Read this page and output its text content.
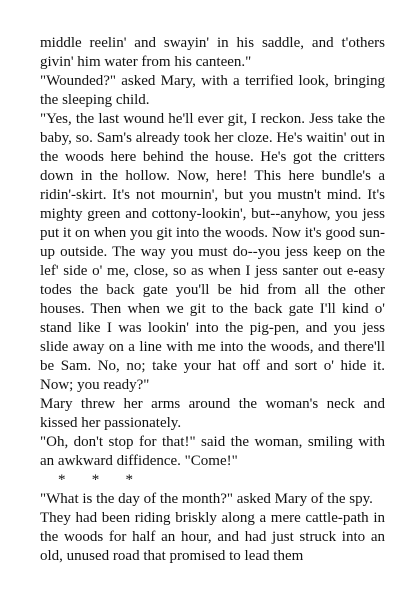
middle reelin' and swayin' in his saddle, and t'others givin' him water from his canteen."

"Wounded?" asked Mary, with a terrified look, bringing the sleeping child.

"Yes, the last wound he'll ever git, I reckon. Jess take the baby, so. Sam's already took her cloze. He's waitin' out in the woods here behind the house. He's got the critters down in the hollow. Now, here! This here bundle's a ridin'-skirt. It's not mournin', but you mustn't mind. It's mighty green and cottony-lookin', but--anyhow, you jess put it on when you git into the woods. Now it's good sun-up outside. The way you must do--you jess keep on the lef' side o' me, close, so as when I jess santer out e-easy todes the back gate you'll be hid from all the other houses. Then when we git to the back gate I'll kind o' stand like I was lookin' into the pig-pen, and you jess slide away on a line with me into the woods, and there'll be Sam. No, no; take your hat off and sort o' hide it. Now; you ready?"

Mary threw her arms around the woman's neck and kissed her passionately.

"Oh, don't stop for that!" said the woman, smiling with an awkward diffidence. "Come!"

*       *       *

"What is the day of the month?" asked Mary of the spy.

They had been riding briskly along a mere cattle-path in the woods for half an hour, and had just struck into an old, unused road that promised to lead them
